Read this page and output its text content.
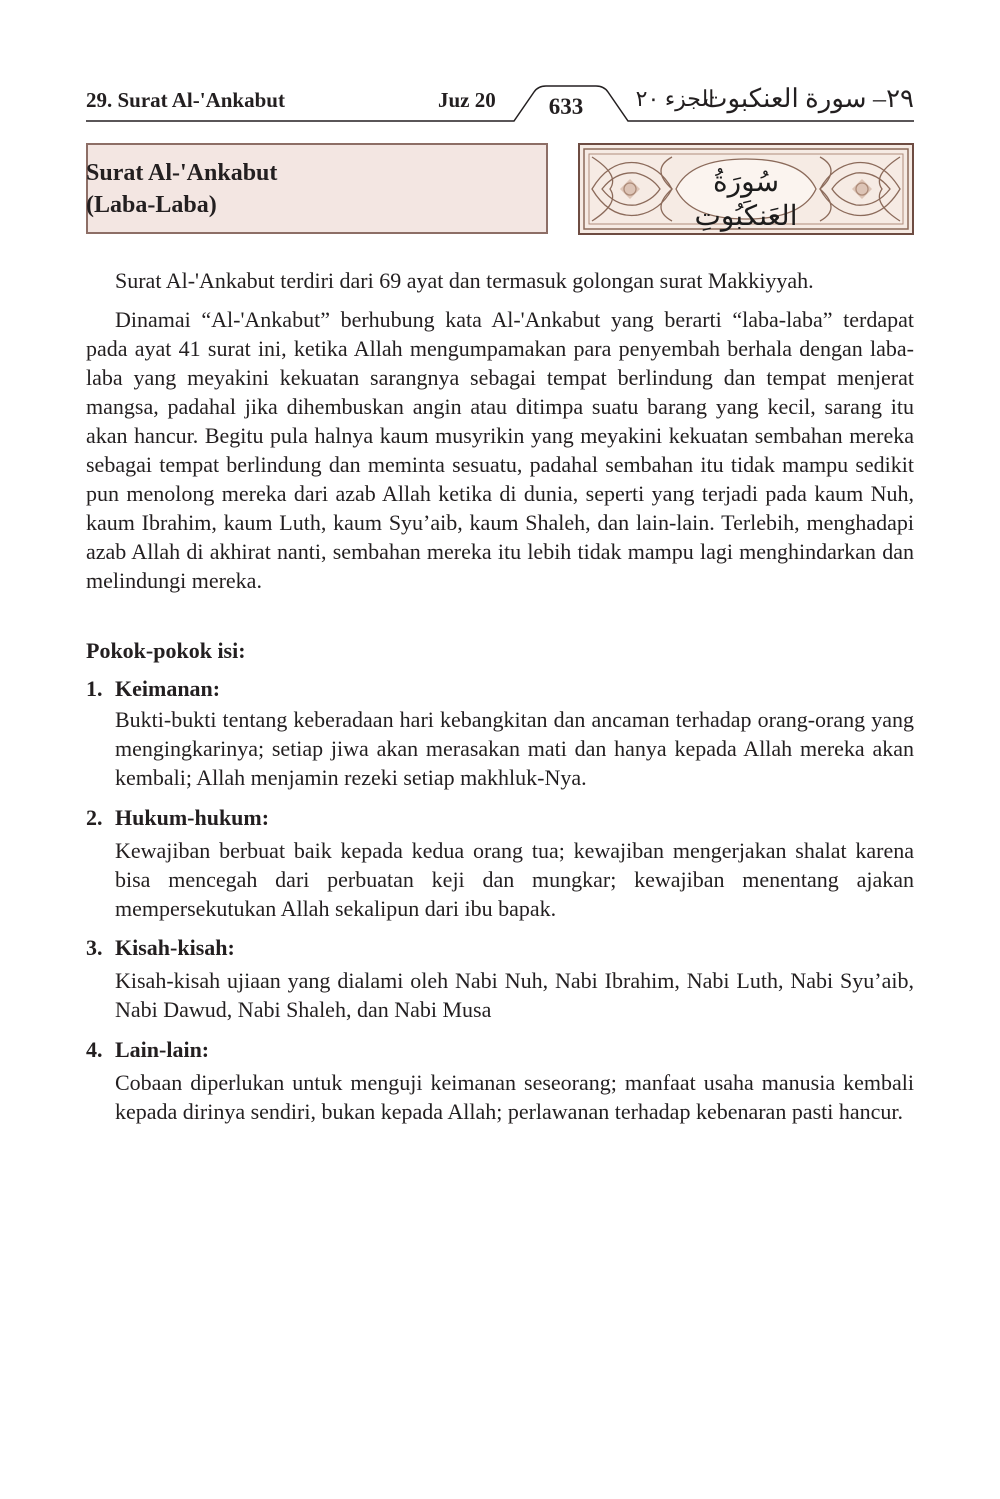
29. Surat Al-'Ankabut	Juz 20	633	الجزء ٢٠
٢٩– سورة العنكبوت
Surat Al-'Ankabut
(Laba-Laba)
سُورَةُ العَنكَبُوتِ
Surat Al-'Ankabut terdiri dari 69 ayat dan termasuk golongan surat Makkiyyah.
Dinamai “Al-'Ankabut” berhubung kata Al-'Ankabut yang berarti “laba-laba” terdapat pada ayat 41 surat ini, ketika Allah mengumpamakan para penyembah berhala dengan laba-laba yang meyakini kekuatan sarangnya sebagai tempat berlindung dan tempat menjerat mangsa, padahal jika dihembuskan angin atau ditimpa suatu barang yang kecil, sarang itu akan hancur. Begitu pula halnya kaum musyrikin yang meyakini kekuatan sembahan mereka sebagai tempat berlindung dan meminta sesuatu, padahal sembahan itu tidak mampu sedikit pun menolong mereka dari azab Allah ketika di dunia, seperti yang terjadi pada kaum Nuh, kaum Ibrahim, kaum Luth, kaum Syu’aib, kaum Shaleh, dan lain-lain. Terlebih, menghadapi azab Allah di akhirat nanti, sembahan mereka itu lebih tidak mampu lagi menghindarkan dan melindungi mereka.
Pokok-pokok isi:
1. Keimanan:
Bukti-bukti tentang keberadaan hari kebangkitan dan ancaman terhadap orang-orang yang mengingkarinya; setiap jiwa akan merasakan mati dan hanya kepada Allah mereka akan kembali; Allah menjamin rezeki setiap makhluk-Nya.
2. Hukum-hukum:
Kewajiban berbuat baik kepada kedua orang tua; kewajiban mengerjakan shalat karena bisa mencegah dari perbuatan keji dan mungkar; kewajiban menentang ajakan mempersekutukan Allah sekalipun dari ibu bapak.
3. Kisah-kisah:
Kisah-kisah ujiaan yang dialami oleh Nabi Nuh, Nabi Ibrahim, Nabi Luth, Nabi Syu’aib, Nabi Dawud, Nabi Shaleh, dan Nabi Musa
4. Lain-lain:
Cobaan diperlukan untuk menguji keimanan seseorang; manfaat usaha manusia kembali kepada dirinya sendiri, bukan kepada Allah; perlawanan terhadap kebenaran pasti hancur.
